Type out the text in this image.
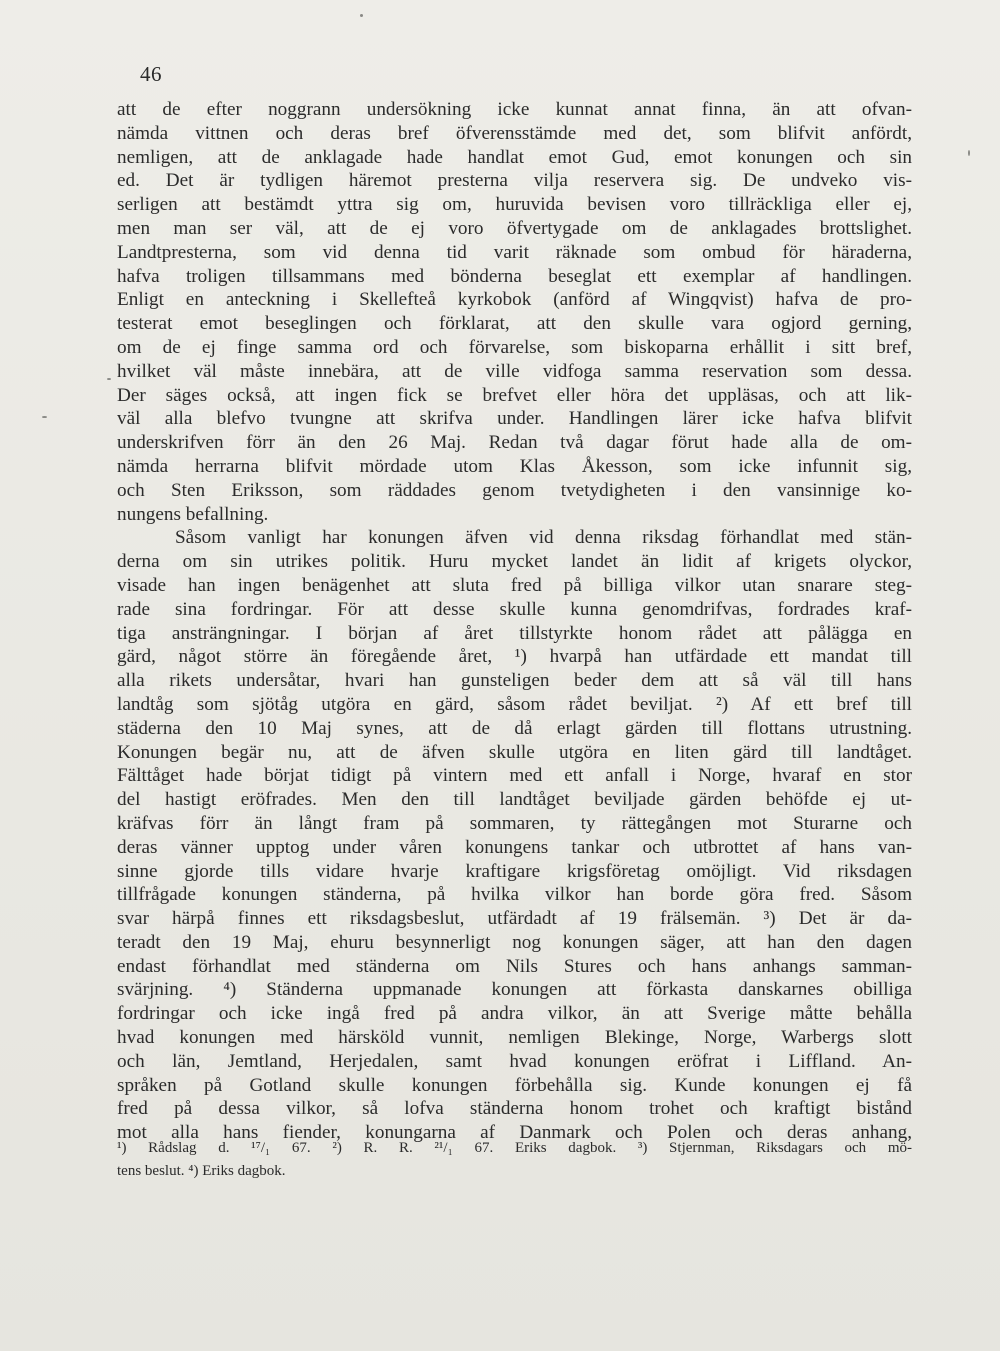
46
att de efter noggrann undersökning icke kunnat annat finna, än att ofvan-
nämda vittnen och deras bref öfverensstämde med det, som blifvit anfördt,
nemligen, att de anklagade hade handlat emot Gud, emot konungen och sin
ed. Det är tydligen häremot presterna vilja reservera sig. De undveko vis-
serligen att bestämdt yttra sig om, huruvida bevisen voro tillräckliga eller ej,
men man ser väl, att de ej voro öfvertygade om de anklagades brottslighet.
Landtpresterna, som vid denna tid varit räknade som ombud för häraderna,
hafva troligen tillsammans med bönderna beseglat ett exemplar af handlingen.
Enligt en anteckning i Skellefteå kyrkobok (anförd af Wingqvist) hafva de pro-
testerat emot beseglingen och förklarat, att den skulle vara ogjord gerning,
om de ej finge samma ord och förvarelse, som biskoparna erhållit i sitt bref,
hvilket väl måste innebära, att de ville vidfoga samma reservation som dessa.
Der säges också, att ingen fick se brefvet eller höra det uppläsas, och att lik-
väl alla blefvo tvungne att skrifva under. Handlingen lärer icke hafva blifvit
underskrifven förr än den 26 Maj. Redan två dagar förut hade alla de om-
nämda herrarna blifvit mördade utom Klas Åkesson, som icke infunnit sig,
och Sten Eriksson, som räddades genom tvetydigheten i den vansinnige ko-
nungens befallning.
Såsom vanligt har konungen äfven vid denna riksdag förhandlat med stän-
derna om sin utrikes politik. Huru mycket landet än lidit af krigets olyckor,
visade han ingen benägenhet att sluta fred på billiga vilkor utan snarare steg-
rade sina fordringar. För att desse skulle kunna genomdrifvas, fordrades kraf-
tiga ansträngningar. I början af året tillstyrkte honom rådet att pålägga en
gärd, något större än föregående året, ¹) hvarpå han utfärdade ett mandat till
alla rikets undersåtar, hvari han gunsteligen beder dem att så väl till hans
landtåg som sjötåg utgöra en gärd, såsom rådet beviljat. ²) Af ett bref till
städerna den 10 Maj synes, att de då erlagt gärden till flottans utrustning.
Konungen begär nu, att de äfven skulle utgöra en liten gärd till landtåget.
Fälttåget hade börjat tidigt på vintern med ett anfall i Norge, hvaraf en stor
del hastigt eröfrades. Men den till landtåget beviljade gärden behöfde ej ut-
kräfvas förr än långt fram på sommaren, ty rättegången mot Sturarne och
deras vänner upptog under våren konungens tankar och utbrottet af hans van-
sinne gjorde tills vidare hvarje kraftigare krigsföretag omöjligt. Vid riksdagen
tillfrågade konungen ständerna, på hvilka vilkor han borde göra fred. Såsom
svar härpå finnes ett riksdagsbeslut, utfärdadt af 19 frälsemän. ³) Det är da-
teradt den 19 Maj, ehuru besynnerligt nog konungen säger, att han den dagen
endast förhandlat med ständerna om Nils Stures och hans anhangs samman-
svärjning. ⁴) Ständerna uppmanade konungen att förkasta danskarnes obilliga
fordringar och icke ingå fred på andra vilkor, än att Sverige måtte behålla
hvad konungen med härsköld vunnit, nemligen Blekinge, Norge, Warbergs slott
och län, Jemtland, Herjedalen, samt hvad konungen eröfrat i Liffland. An-
språken på Gotland skulle konungen förbehålla sig. Kunde konungen ej få
fred på dessa vilkor, så lofva ständerna honom trohet och kraftigt bistånd
mot alla hans fiender, konungarna af Danmark och Polen och deras anhang,
¹) Rådslag d. ¹⁷/₁ 67. ²) R. R. ²¹/₁ 67. Eriks dagbok. ³) Stjernman, Riksdagars och mö-
tens beslut. ⁴) Eriks dagbok.
